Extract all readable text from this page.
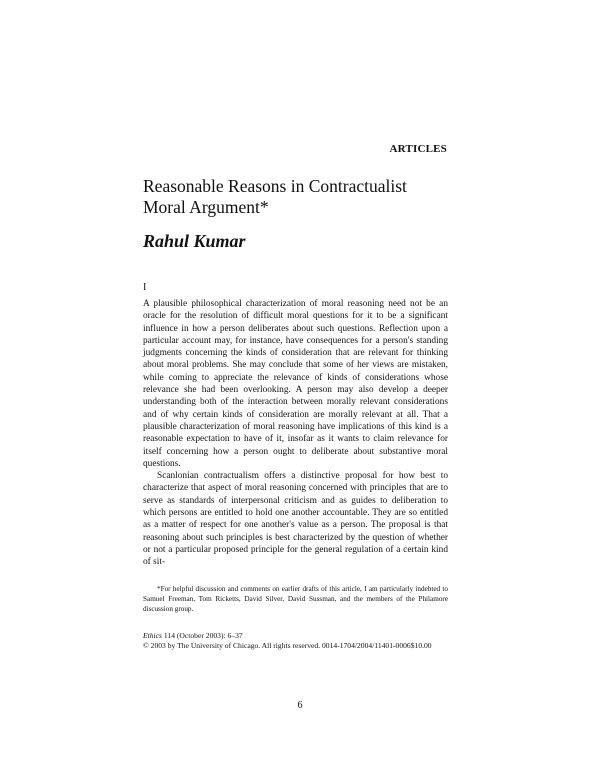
ARTICLES
Reasonable Reasons in Contractualist
Moral Argument*
Rahul Kumar
I

A plausible philosophical characterization of moral reasoning need not be an oracle for the resolution of difficult moral questions for it to be a significant influence in how a person deliberates about such questions. Reflection upon a particular account may, for instance, have consequences for a person's standing judgments concerning the kinds of consideration that are relevant for thinking about moral problems. She may conclude that some of her views are mistaken, while coming to appreciate the relevance of kinds of considerations whose relevance she had been overlooking. A person may also develop a deeper understanding both of the interaction between morally relevant considerations and of why certain kinds of consideration are morally relevant at all. That a plausible characterization of moral reasoning have implications of this kind is a reasonable expectation to have of it, insofar as it wants to claim relevance for itself concerning how a person ought to deliberate about substantive moral questions.

Scanlonian contractualism offers a distinctive proposal for how best to characterize that aspect of moral reasoning concerned with principles that are to serve as standards of interpersonal criticism and as guides to deliberation to which persons are entitled to hold one another accountable. They are so entitled as a matter of respect for one another's value as a person. The proposal is that reasoning about such principles is best characterized by the question of whether or not a particular proposed principle for the general regulation of a certain kind of sit-

*For helpful discussion and comments on earlier drafts of this article, I am particularly indebted to Samuel Freeman, Tom Ricketts, David Silver, David Sussman, and the members of the Philamore discussion group.

Ethics 114 (October 2003): 6–37
© 2003 by The University of Chicago. All rights reserved. 0014-1704/2004/11401-0006$10.00
6
